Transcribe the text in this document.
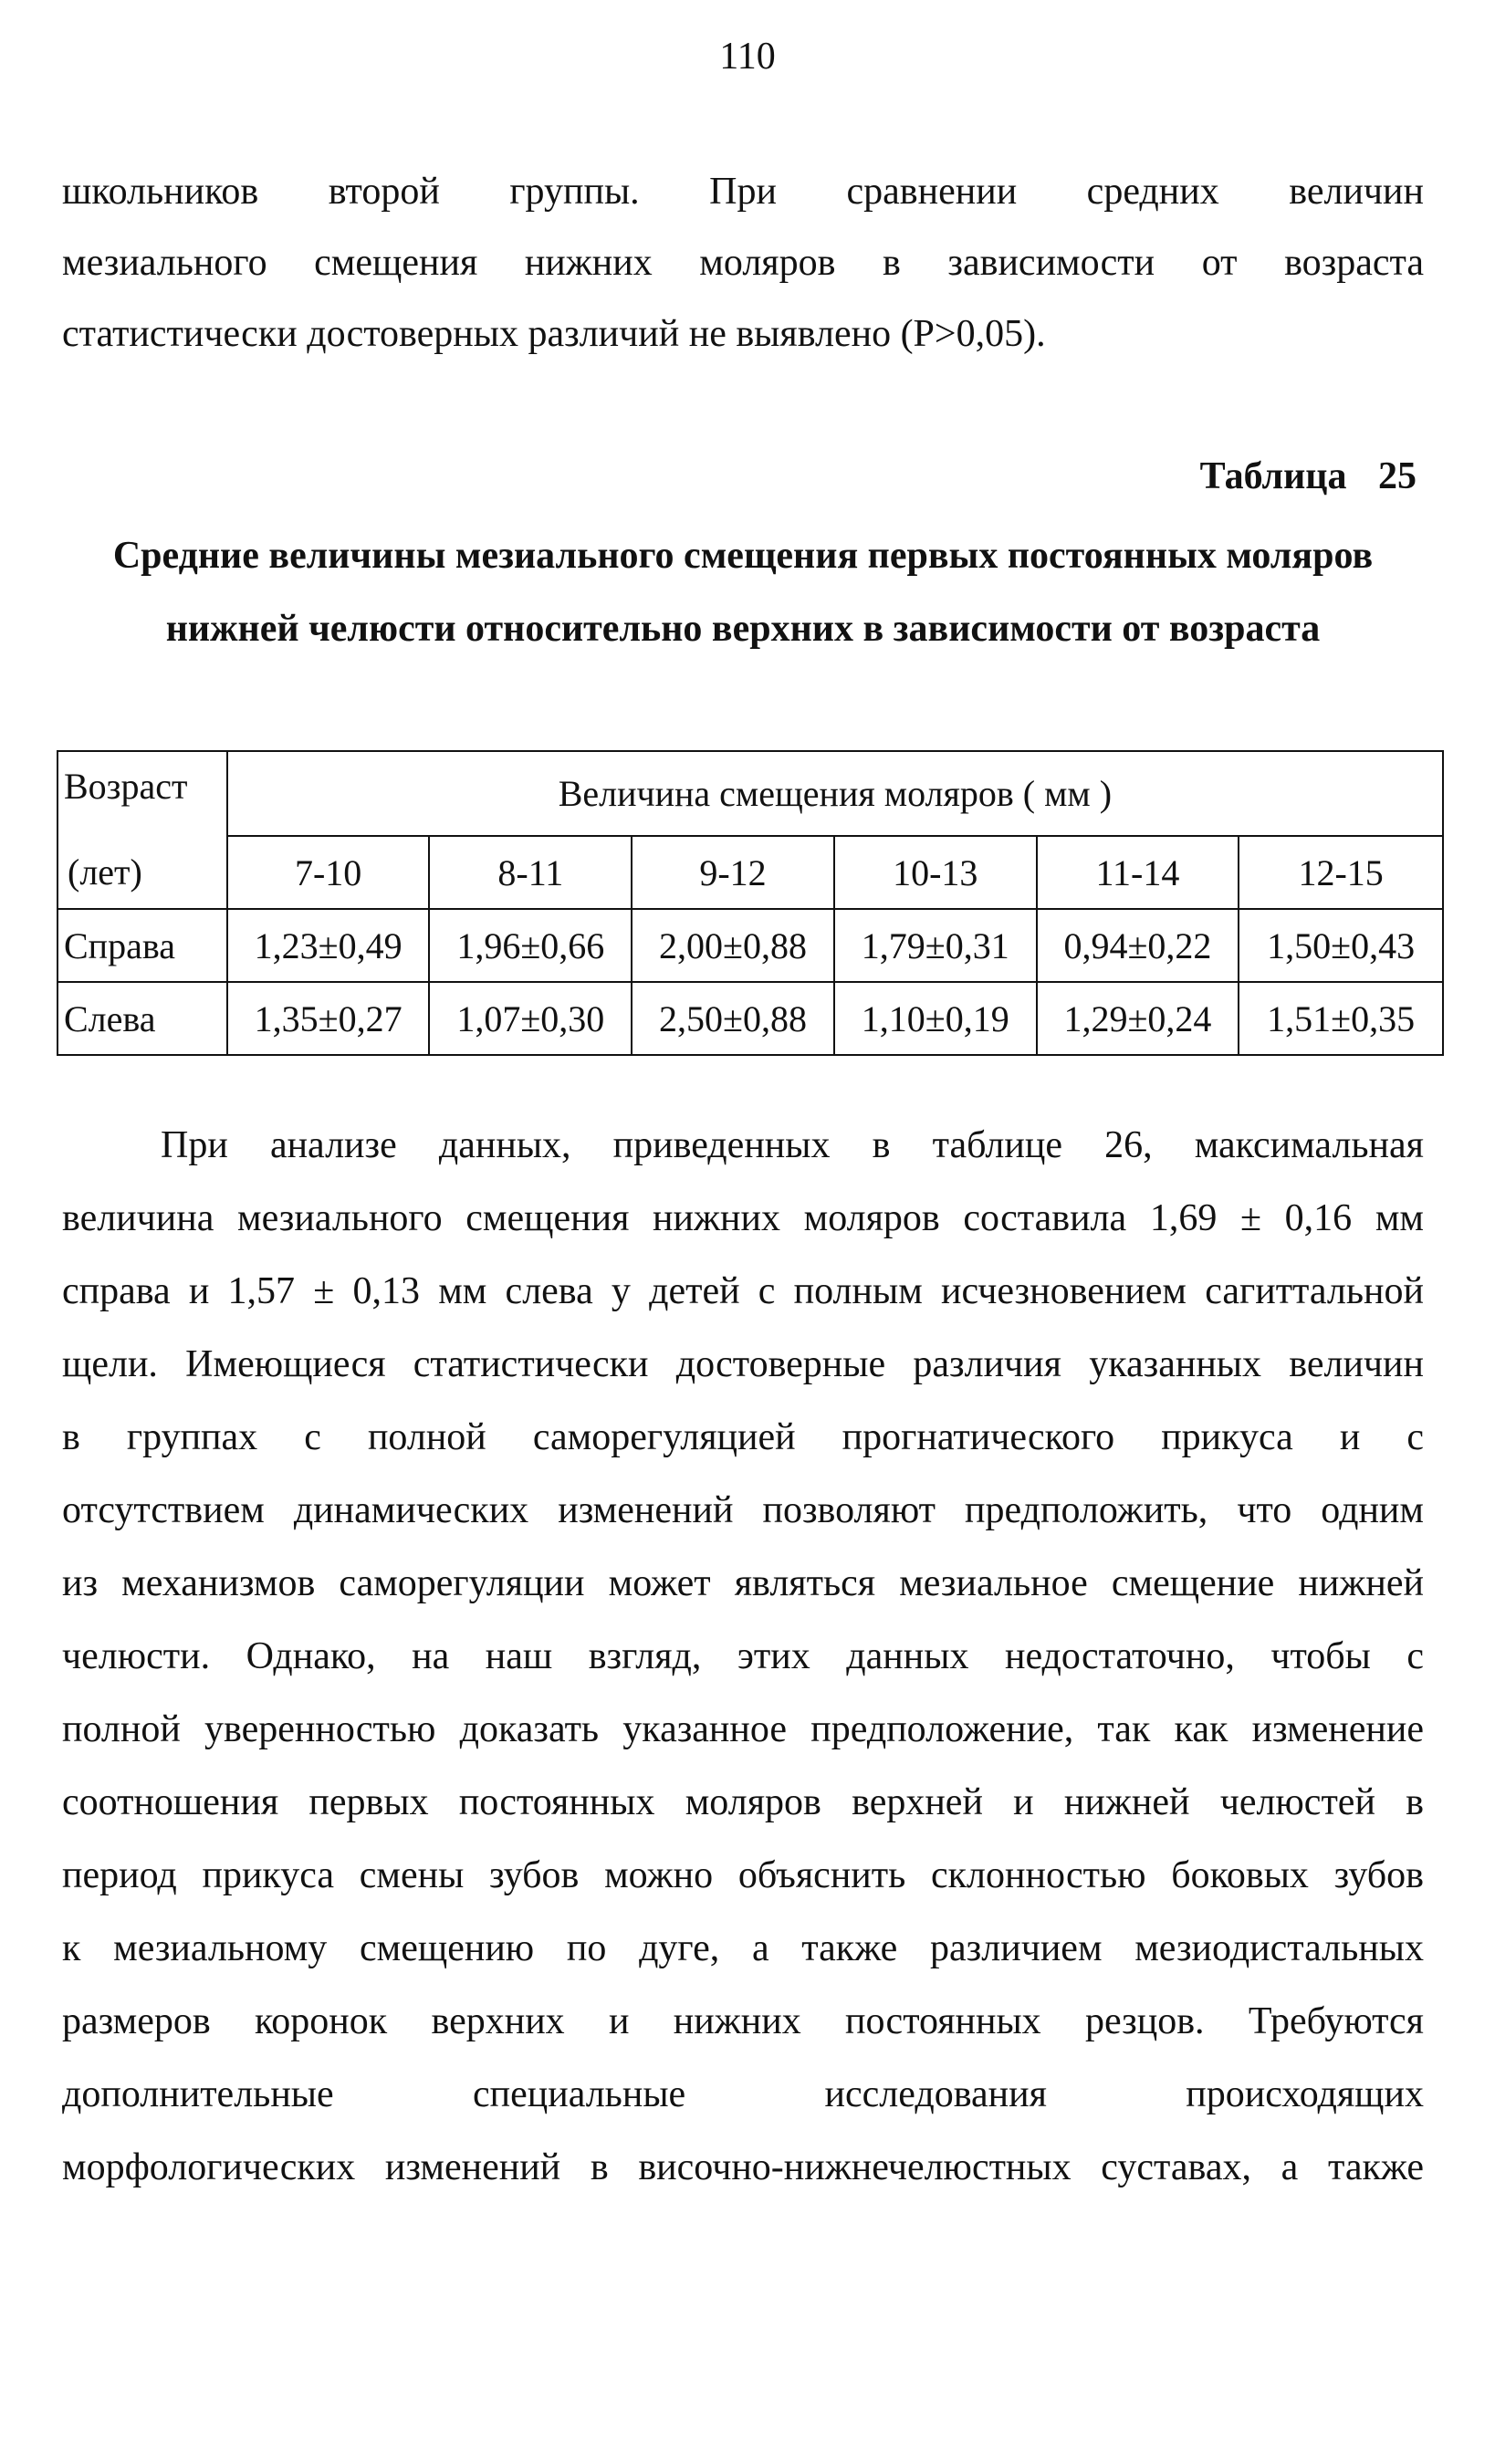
110
школьников второй группы. При сравнении средних величин
мезиального смещения нижних моляров в зависимости от возраста
статистически достоверных различий не выявлено (P>0,05).
Таблица 25
Средние величины мезиального смещения первых постоянных моляров
нижней челюсти относительно верхних в зависимости от возраста
Возраст	Величина смещения моляров ( мм )					
(лет)	7-10	8-11	9-12	10-13	11-14	12-15
Справа	1,23±0,49	1,96±0,66	2,00±0,88	1,79±0,31	0,94±0,22	1,50±0,43
Слева	1,35±0,27	1,07±0,30	2,50±0,88	1,10±0,19	1,29±0,24	1,51±0,35
При анализе данных, приведенных в таблице 26, максимальная
величина мезиального смещения нижних моляров составила 1,69 ± 0,16 мм
справа и 1,57 ± 0,13 мм слева у детей с полным исчезновением сагиттальной
щели. Имеющиеся статистически достоверные различия указанных величин
в группах с полной саморегуляцией прогнатического прикуса и с
отсутствием динамических изменений позволяют предположить, что одним
из механизмов саморегуляции может являться мезиальное смещение нижней
челюсти. Однако, на наш взгляд, этих данных недостаточно, чтобы с
полной уверенностью доказать указанное предположение, так как изменение
соотношения первых постоянных моляров верхней и нижней челюстей в
период прикуса смены зубов можно объяснить склонностью боковых зубов
к мезиальному смещению по дуге, а также различием мезиодистальных
размеров коронок верхних и нижних постоянных резцов. Требуются
дополнительные специальные исследования происходящих
морфологических изменений в височно-нижнечелюстных суставах, а также
